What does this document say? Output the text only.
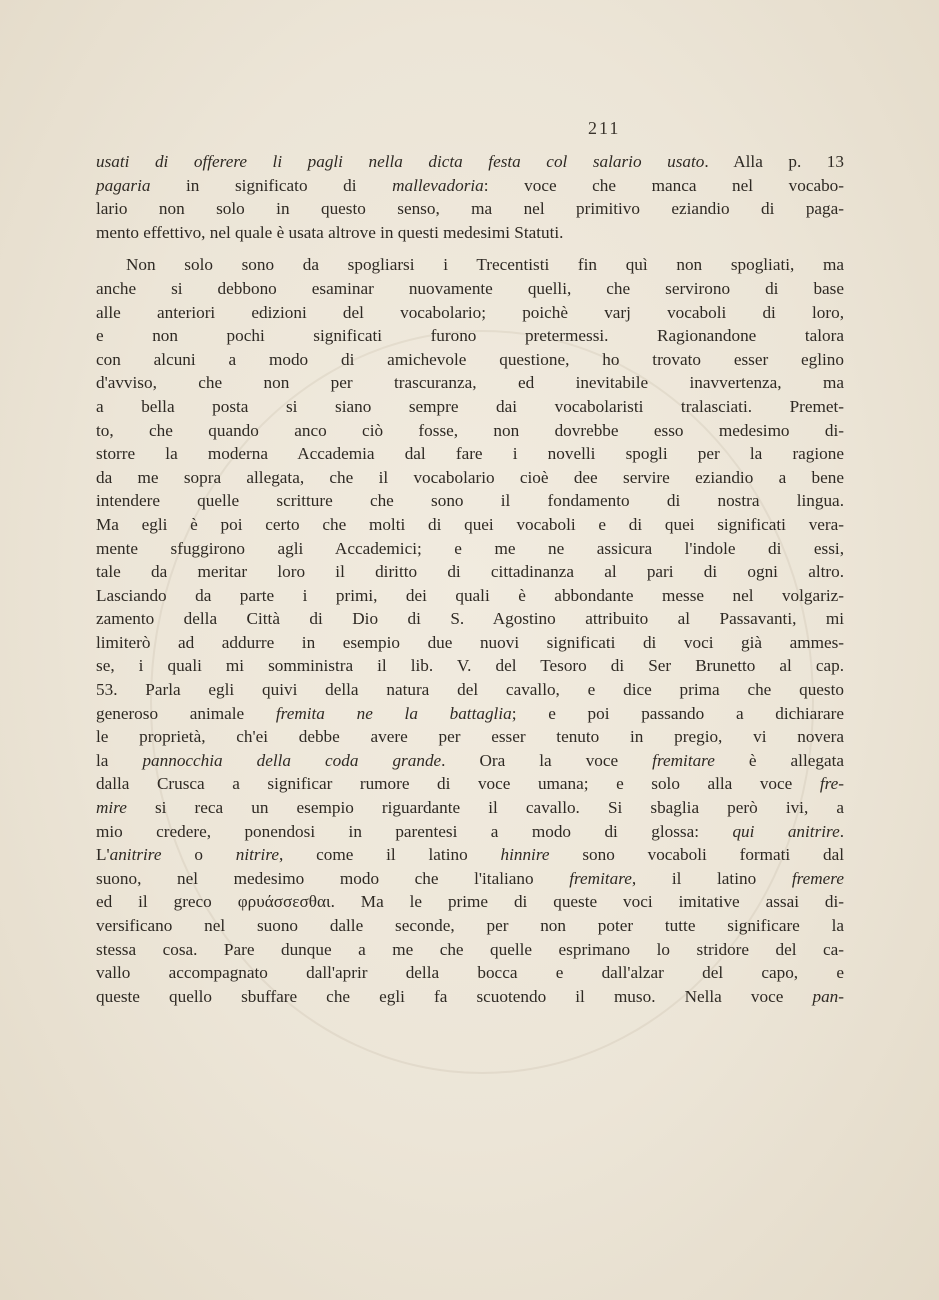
211
usati di offerere li pagli nella dicta festa col salario usato. Alla p. 13
pagaria in significato di mallevadoria: voce che manca nel vocabo-
lario non solo in questo senso, ma nel primitivo eziandio di paga-
mento effettivo, nel quale è usata altrove in questi medesimi Statuti.
Non solo sono da spogliarsi i Trecentisti fin quì non spogliati, ma
anche si debbono esaminar nuovamente quelli, che servirono di base
alle anteriori edizioni del vocabolario; poichè varj vocaboli di loro,
e non pochi significati furono pretermessi. Ragionandone talora
con alcuni a modo di amichevole questione, ho trovato esser eglino
d'avviso, che non per trascuranza, ed inevitabile inavvertenza, ma
a bella posta si siano sempre dai vocabolaristi tralasciati. Premet-
to, che quando anco ciò fosse, non dovrebbe esso medesimo di-
storre la moderna Accademia dal fare i novelli spogli per la ragione
da me sopra allegata, che il vocabolario cioè dee servire eziandio a bene
intendere quelle scritture che sono il fondamento di nostra lingua.
Ma egli è poi certo che molti di quei vocaboli e di quei significati vera-
mente sfuggirono agli Accademici; e me ne assicura l'indole di essi,
tale da meritar loro il diritto di cittadinanza al pari di ogni altro.
Lasciando da parte i primi, dei quali è abbondante messe nel volgariz-
zamento della Città di Dio di S. Agostino attribuito al Passavanti, mi
limiterò ad addurre in esempio due nuovi significati di voci già ammes-
se, i quali mi somministra il lib. V. del Tesoro di Ser Brunetto al cap.
53. Parla egli quivi della natura del cavallo, e dice prima che questo
generoso animale fremita ne la battaglia; e poi passando a dichiarare
le proprietà, ch'ei debbe avere per esser tenuto in pregio, vi novera
la pannocchia della coda grande. Ora la voce fremitare è allegata
dalla Crusca a significar rumore di voce umana; e solo alla voce fre-
mire si reca un esempio riguardante il cavallo. Si sbaglia però ivi, a
mio credere, ponendosi in parentesi a modo di glossa: qui anitrire.
L'anitrire o nitrire, come il latino hinnire sono vocaboli formati dal
suono, nel medesimo modo che l'italiano fremitare, il latino fremere
ed il greco φρυάσσεσθαι. Ma le prime di queste voci imitative assai di-
versificano nel suono dalle seconde, per non poter tutte significare la
stessa cosa. Pare dunque a me che quelle esprimano lo stridore del ca-
vallo accompagnato dall'aprir della bocca e dall'alzar del capo, e
queste quello sbuffare che egli fa scuotendo il muso. Nella voce pan-
